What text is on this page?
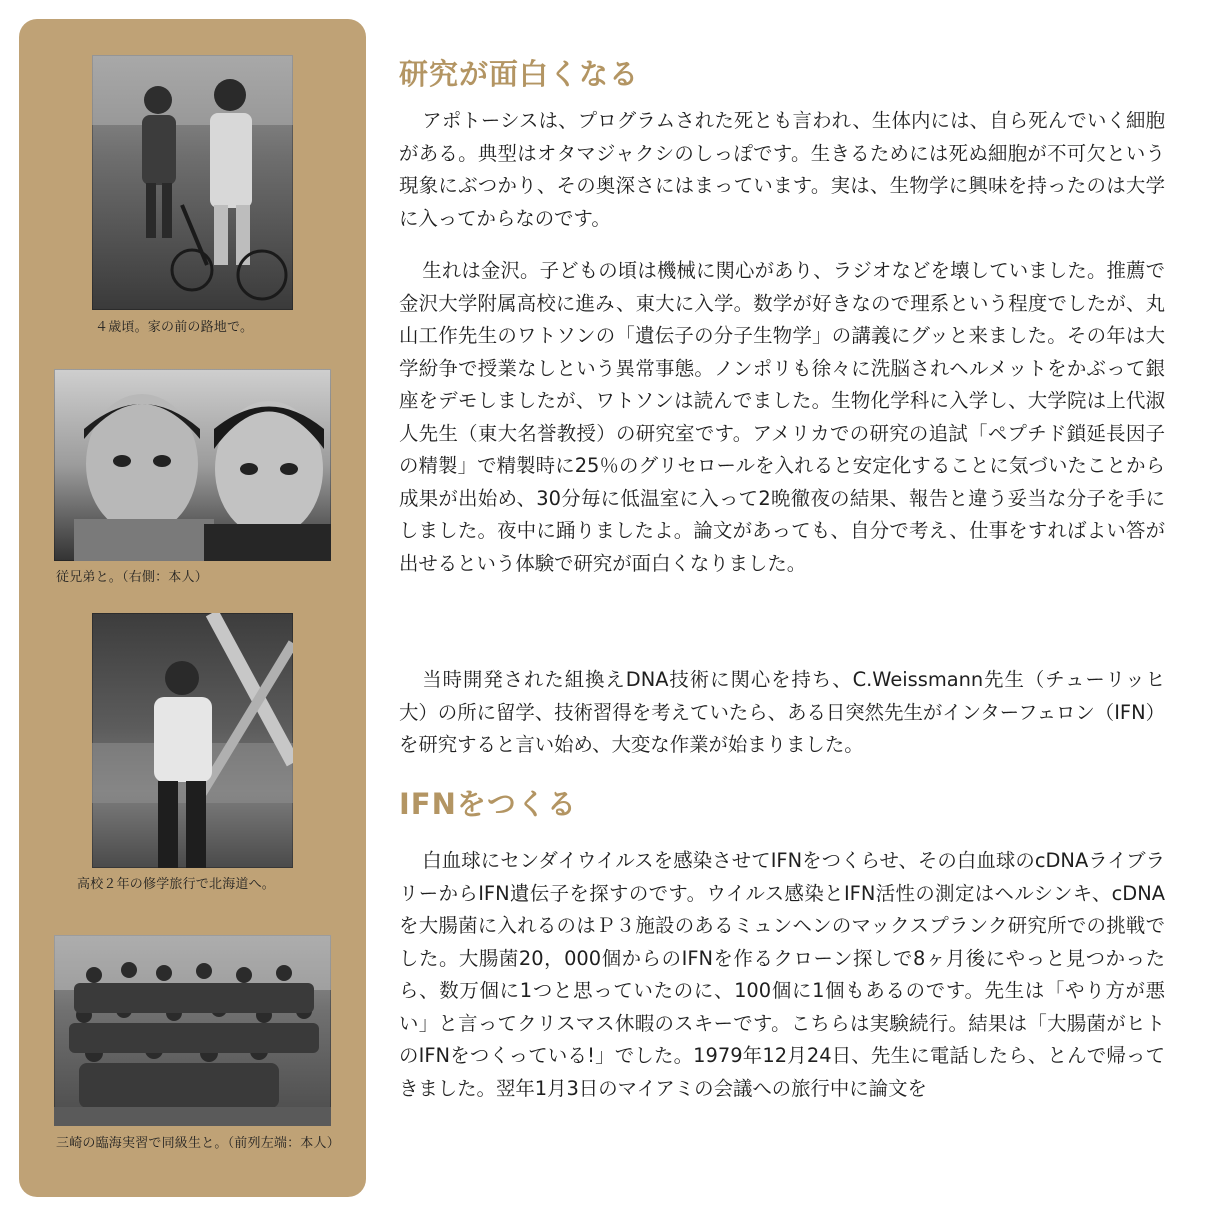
４歳頃。家の前の路地で。
従兄弟と。（右側：本人）
高校２年の修学旅行で北海道へ。
三崎の臨海実習で同級生と。（前列左端：本人）
研究が面白くなる

アポトーシスは、プログラムされた死とも言われ、生体内には、自ら死んでいく細胞がある。典型はオタマジャクシのしっぽです。生きるためには死ぬ細胞が不可欠という現象にぶつかり、その奥深さにはまっています。実は、生物学に興味を持ったのは大学に入ってからなのです。

生れは金沢。子どもの頃は機械に関心があり、ラジオなどを壊していました。推薦で金沢大学附属高校に進み、東大に入学。数学が好きなので理系という程度でしたが、丸山工作先生のワトソンの「遺伝子の分子生物学」の講義にグッと来ました。その年は大学紛争で授業なしという異常事態。ノンポリも徐々に洗脳されヘルメットをかぶって銀座をデモしましたが、ワトソンは読んでました。生物化学科に入学し、大学院は上代淑人先生（東大名誉教授）の研究室です。アメリカでの研究の追試「ペプチド鎖延長因子の精製」で精製時に25％のグリセロールを入れると安定化することに気づいたことから成果が出始め、30分毎に低温室に入って2晩徹夜の結果、報告と違う妥当な分子を手にしました。夜中に踊りましたよ。論文があっても、自分で考え、仕事をすればよい答が出せるという体験で研究が面白くなりました。

当時開発された組換えDNA技術に関心を持ち、C.Weissmann先生（チューリッヒ大）の所に留学、技術習得を考えていたら、ある日突然先生がインターフェロン（IFN）を研究すると言い始め、大変な作業が始まりました。

IFNをつくる

白血球にセンダイウイルスを感染させてIFNをつくらせ、その白血球のcDNAライブラリーからIFN遺伝子を探すのです。ウイルス感染とIFN活性の測定はヘルシンキ、cDNAを大腸菌に入れるのはＰ３施設のあるミュンヘンのマックスプランク研究所での挑戦でした。大腸菌20，000個からのIFNを作るクローン探しで8ヶ月後にやっと見つかったら、数万個に1つと思っていたのに、100個に1個もあるのです。先生は「やり方が悪い」と言ってクリスマス休暇のスキーです。こちらは実験続行。結果は「大腸菌がヒトのIFNをつくっている!」でした。1979年12月24日、先生に電話したら、とんで帰ってきました。翌年1月3日のマイアミの会議への旅行中に論文を
